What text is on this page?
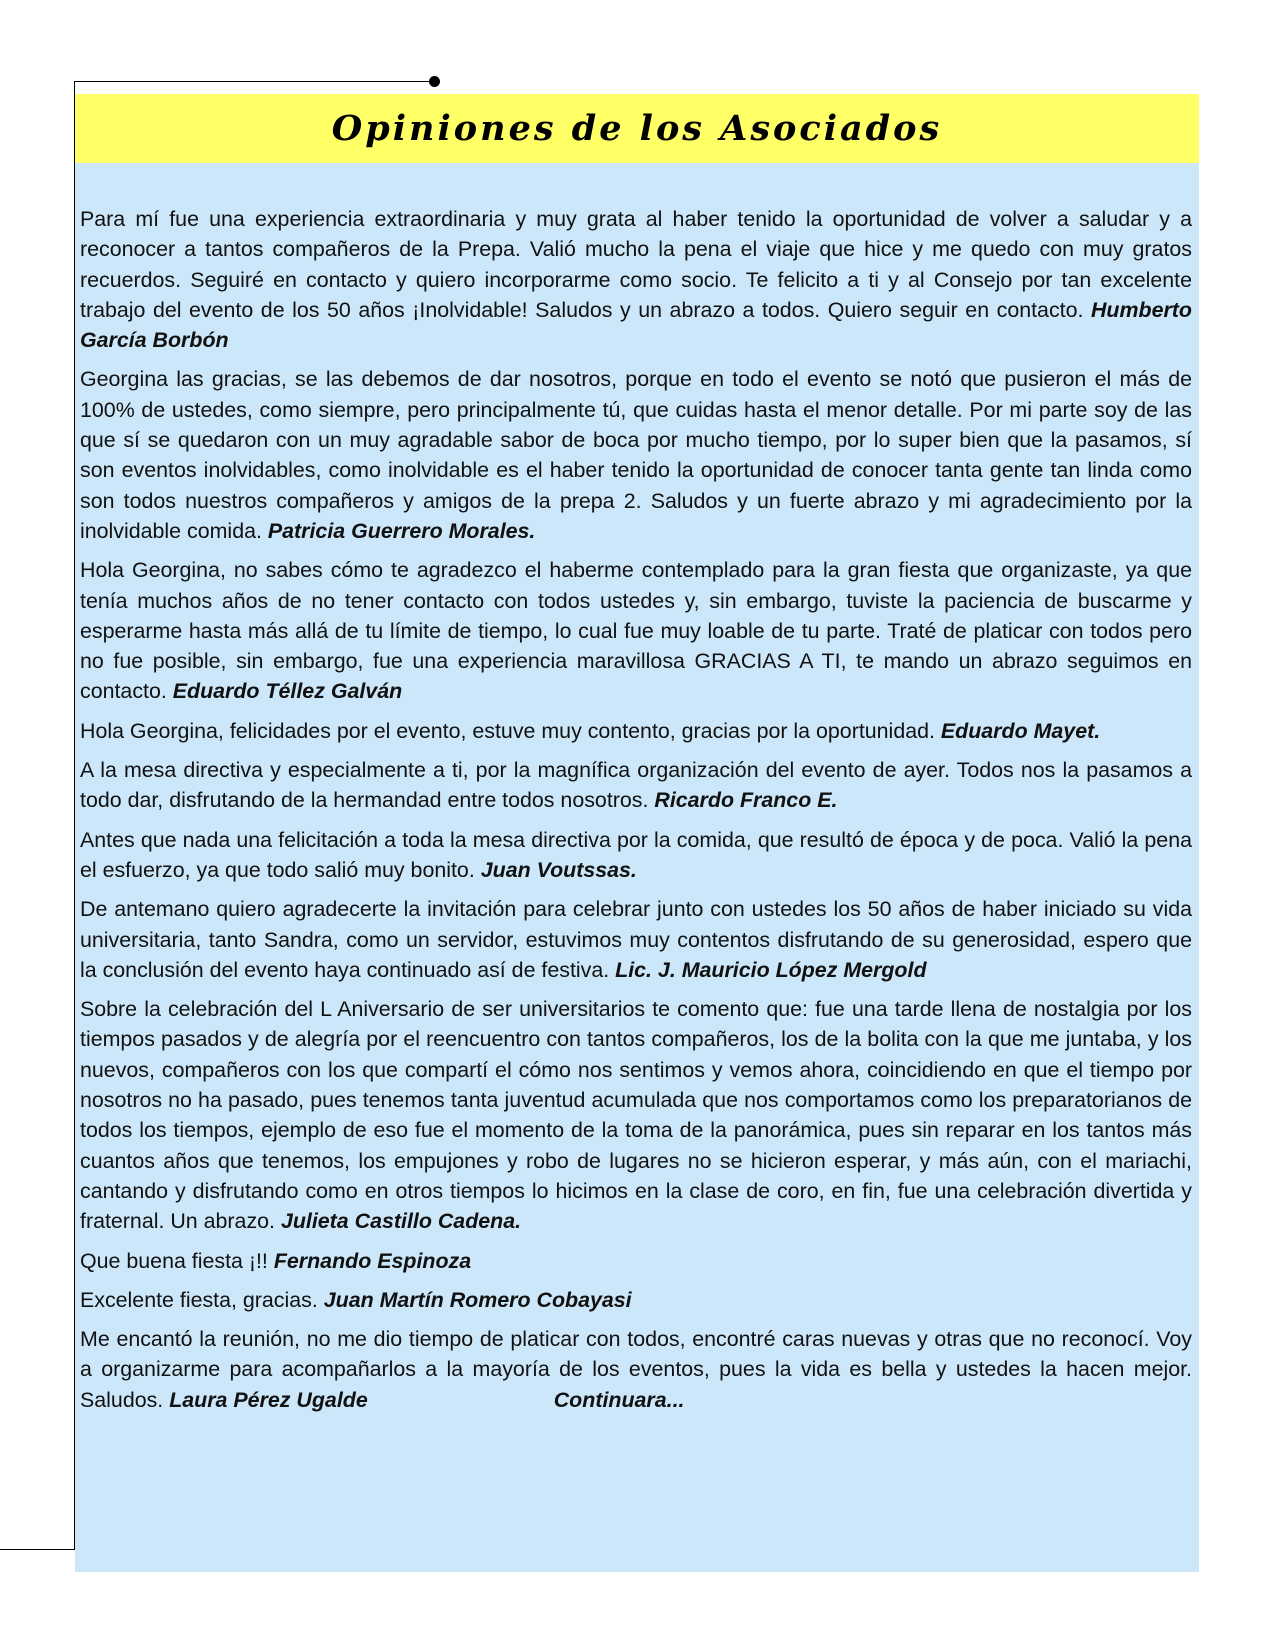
Opiniones de los Asociados

Para mí fue una experiencia extraordinaria y muy grata al haber tenido la oportunidad de volver a saludar y a reconocer a tantos compañeros de la Prepa. Valió mucho la pena el viaje que hice y me quedo con muy gratos recuerdos. Seguiré en contacto y quiero incorporarme como socio. Te felicito a ti y al Consejo por tan excelente trabajo del evento de los 50 años ¡Inolvidable! Saludos y un abrazo a todos. Quiero seguir en contacto. Humberto García Borbón

Georgina las gracias, se las debemos de dar nosotros, porque en todo el evento se notó que pusieron el más de 100% de ustedes, como siempre, pero principalmente tú, que cuidas hasta el menor detalle. Por mi parte soy de las que sí se quedaron con un muy agradable sabor de boca por mucho tiempo, por lo super bien que la pasamos, sí son eventos inolvidables, como inolvidable es el haber tenido la oportunidad de conocer tanta gente tan linda como son todos nuestros compañeros y amigos de la prepa 2. Saludos y un fuerte abrazo y mi agradecimiento por la inolvidable comida. Patricia Guerrero Morales.

Hola Georgina, no sabes cómo te agradezco el haberme contemplado para la gran fiesta que organizaste, ya que tenía muchos años de no tener contacto con todos ustedes y, sin embargo, tuviste la paciencia de buscarme y esperarme hasta más allá de tu límite de tiempo, lo cual fue muy loable de tu parte. Traté de platicar con todos pero no fue posible, sin embargo, fue una experiencia maravillosa GRACIAS A TI, te mando un abrazo seguimos en contacto. Eduardo Téllez Galván

Hola Georgina, felicidades por el evento, estuve muy contento, gracias por la oportunidad. Eduardo Mayet.

A la mesa directiva y especialmente a ti, por la magnífica organización del evento de ayer. Todos nos la pasamos a todo dar, disfrutando de la hermandad entre todos nosotros. Ricardo Franco E.

Antes que nada una felicitación a toda la mesa directiva por la comida, que resultó de época y de poca. Valió la pena el esfuerzo, ya que todo salió muy bonito. Juan Voutssas.

De antemano quiero agradecerte la invitación para celebrar junto con ustedes los 50 años de haber iniciado su vida universitaria, tanto Sandra, como un servidor, estuvimos muy contentos disfrutando de su generosidad, espero que la conclusión del evento haya continuado así de festiva. Lic. J. Mauricio López Mergold

Sobre la celebración del L Aniversario de ser universitarios te comento que: fue una tarde llena de nostalgia por los tiempos pasados y de alegría por el reencuentro con tantos compañeros, los de la bolita con la que me juntaba, y los nuevos, compañeros con los que compartí el cómo nos sentimos y vemos ahora, coincidiendo en que el tiempo por nosotros no ha pasado, pues tenemos tanta juventud acumulada que nos comportamos como los preparatorianos de todos los tiempos, ejemplo de eso fue el momento de la toma de la panorámica, pues sin reparar en los tantos más cuantos años que tenemos, los empujones y robo de lugares no se hicieron esperar, y más aún, con el mariachi, cantando y disfrutando como en otros tiempos lo hicimos en la clase de coro, en fin, fue una celebración divertida y fraternal. Un abrazo. Julieta Castillo Cadena.

Que buena fiesta ¡!! Fernando Espinoza

Excelente fiesta, gracias. Juan Martín Romero Cobayasi

Me encantó la reunión, no me dio tiempo de platicar con todos, encontré caras nuevas y otras que no reconocí. Voy a organizarme para acompañarlos a la mayoría de los eventos, pues la vida es bella y ustedes la hacen mejor. Saludos. Laura Pérez Ugalde	Continuara...
